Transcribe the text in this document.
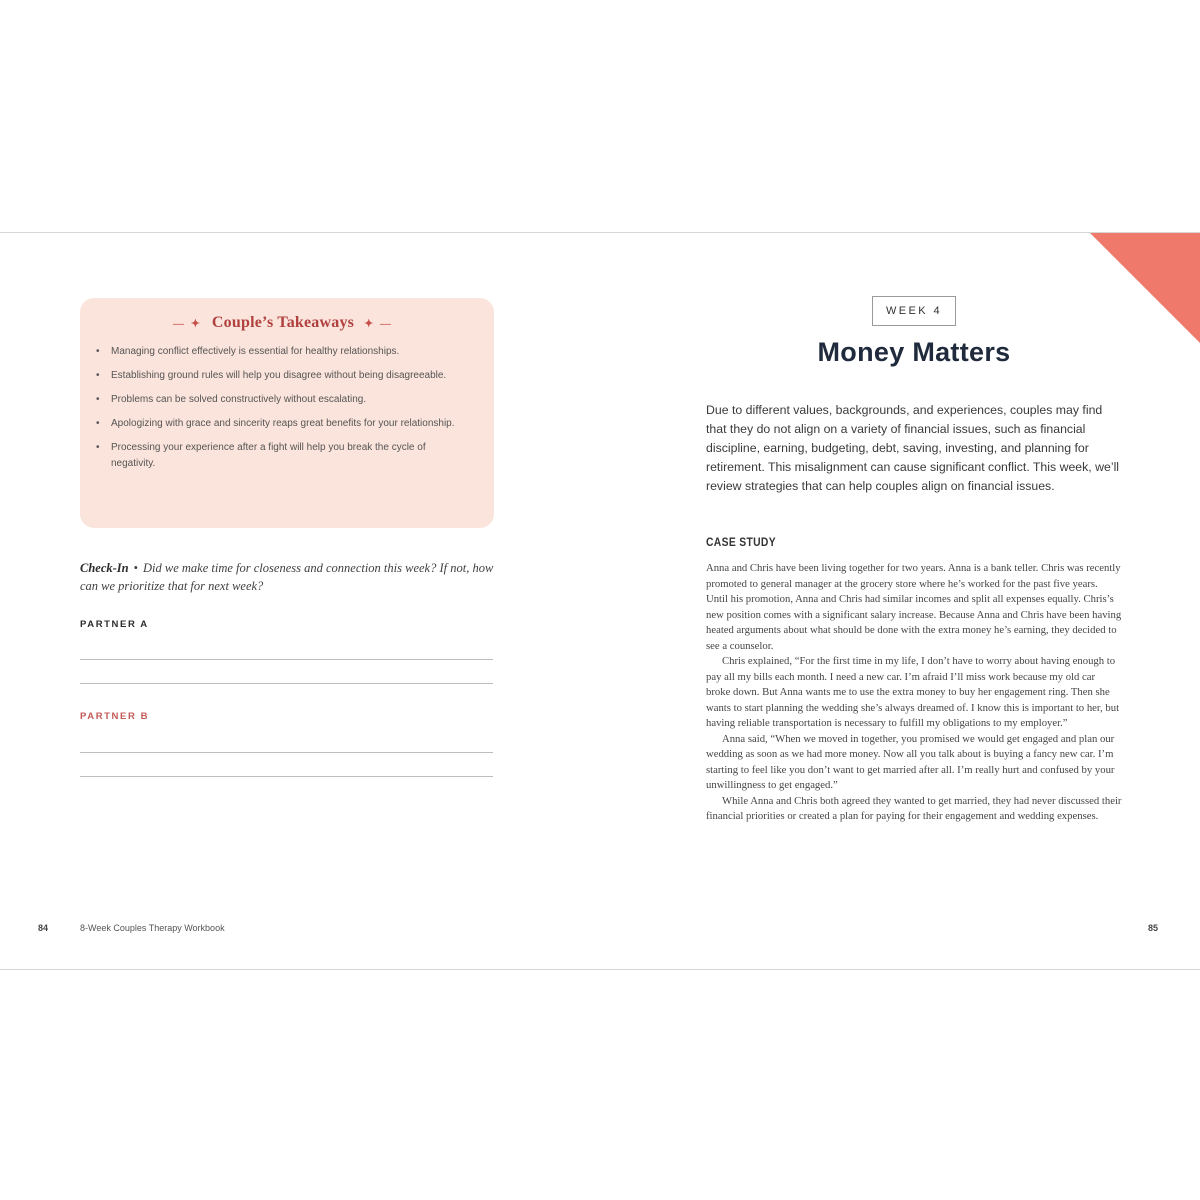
— ✦ Couple’s Takeaways ✦ —
• Managing conflict effectively is essential for healthy relationships.
• Establishing ground rules will help you disagree without being disagreeable.
• Problems can be solved constructively without escalating.
• Apologizing with grace and sincerity reaps great benefits for your relationship.
• Processing your experience after a fight will help you break the cycle of negativity.
Check-In • Did we make time for closeness and connection this week? If not, how can we prioritize that for next week?
PARTNER A
PARTNER B
84	8-Week Couples Therapy Workbook
WEEK 4
Money Matters

Due to different values, backgrounds, and experiences, couples may find that they do not align on a variety of financial issues, such as financial discipline, earning, budgeting, debt, saving, investing, and planning for retirement. This misalignment can cause significant conflict. This week, we’ll review strategies that can help couples align on financial issues.

CASE STUDY

Anna and Chris have been living together for two years. Anna is a bank teller. Chris was recently promoted to general manager at the grocery store where he’s worked for the past five years. Until his promotion, Anna and Chris had similar incomes and split all expenses equally. Chris’s new position comes with a significant salary increase. Because Anna and Chris have been having heated arguments about what should be done with the extra money he’s earning, they decided to see a counselor.

Chris explained, “For the first time in my life, I don’t have to worry about having enough to pay all my bills each month. I need a new car. I’m afraid I’ll miss work because my old car broke down. But Anna wants me to use the extra money to buy her engagement ring. Then she wants to start planning the wedding she’s always dreamed of. I know this is important to her, but having reliable transportation is necessary to fulfill my obligations to my employer.”

Anna said, “When we moved in together, you promised we would get engaged and plan our wedding as soon as we had more money. Now all you talk about is buying a fancy new car. I’m starting to feel like you don’t want to get married after all. I’m really hurt and confused by your unwillingness to get engaged.”

While Anna and Chris both agreed they wanted to get married, they had never discussed their financial priorities or created a plan for paying for their engagement and wedding expenses.

85
